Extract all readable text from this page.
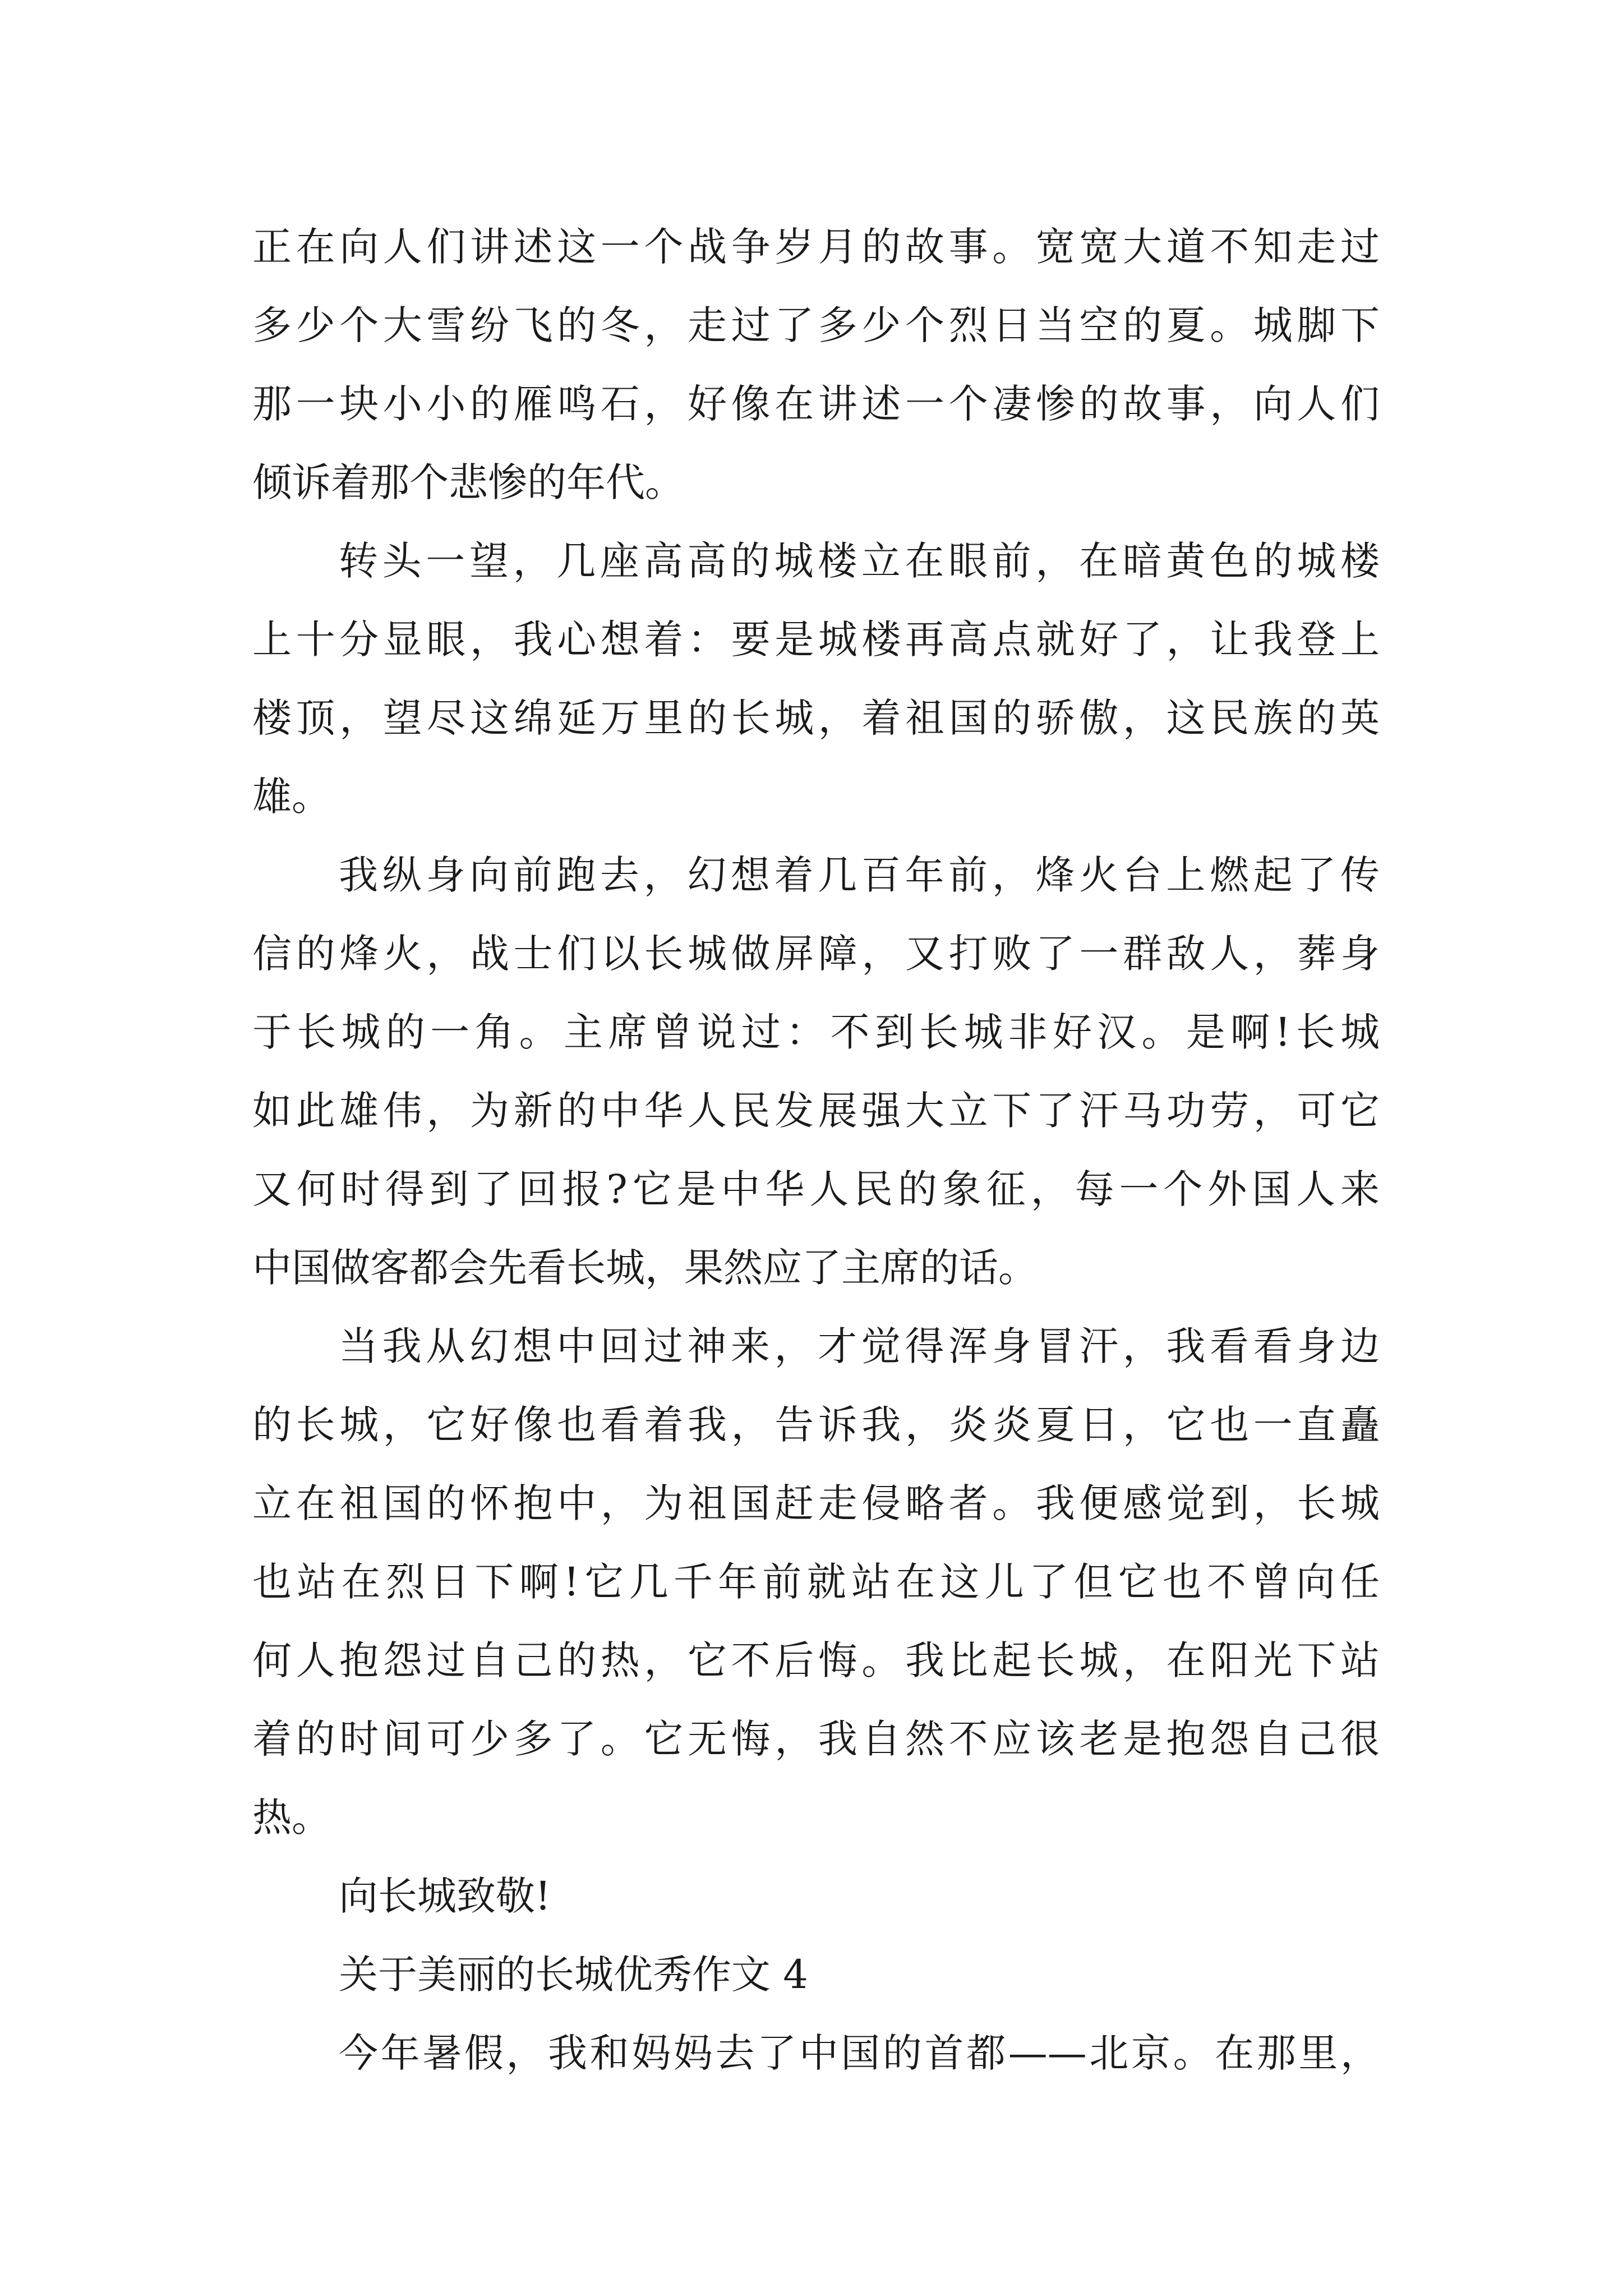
正在向人们讲述这一个战争岁月的故事。宽宽大道不知走过
多少个大雪纷飞的冬，走过了多少个烈日当空的夏。城脚下
那一块小小的雁鸣石，好像在讲述一个凄惨的故事，向人们
倾诉着那个悲惨的年代。
转头一望，几座高高的城楼立在眼前，在暗黄色的城楼
上十分显眼，我心想着：要是城楼再高点就好了，让我登上
楼顶，望尽这绵延万里的长城，着祖国的骄傲，这民族的英
雄。
我纵身向前跑去，幻想着几百年前，烽火台上燃起了传
信的烽火，战士们以长城做屏障，又打败了一群敌人，葬身
于长城的一角。主席曾说过：不到长城非好汉。是啊!长城
如此雄伟，为新的中华人民发展强大立下了汗马功劳，可它
又何时得到了回报?它是中华人民的象征，每一个外国人来
中国做客都会先看长城，果然应了主席的话。
当我从幻想中回过神来，才觉得浑身冒汗，我看看身边
的长城，它好像也看着我，告诉我，炎炎夏日，它也一直矗
立在祖国的怀抱中，为祖国赶走侵略者。我便感觉到，长城
也站在烈日下啊!它几千年前就站在这儿了但它也不曾向任
何人抱怨过自己的热，它不后悔。我比起长城，在阳光下站
着的时间可少多了。它无悔，我自然不应该老是抱怨自己很
热。
向长城致敬!
关于美丽的长城优秀作文 4
今年暑假，我和妈妈去了中国的首都——北京。在那里，
